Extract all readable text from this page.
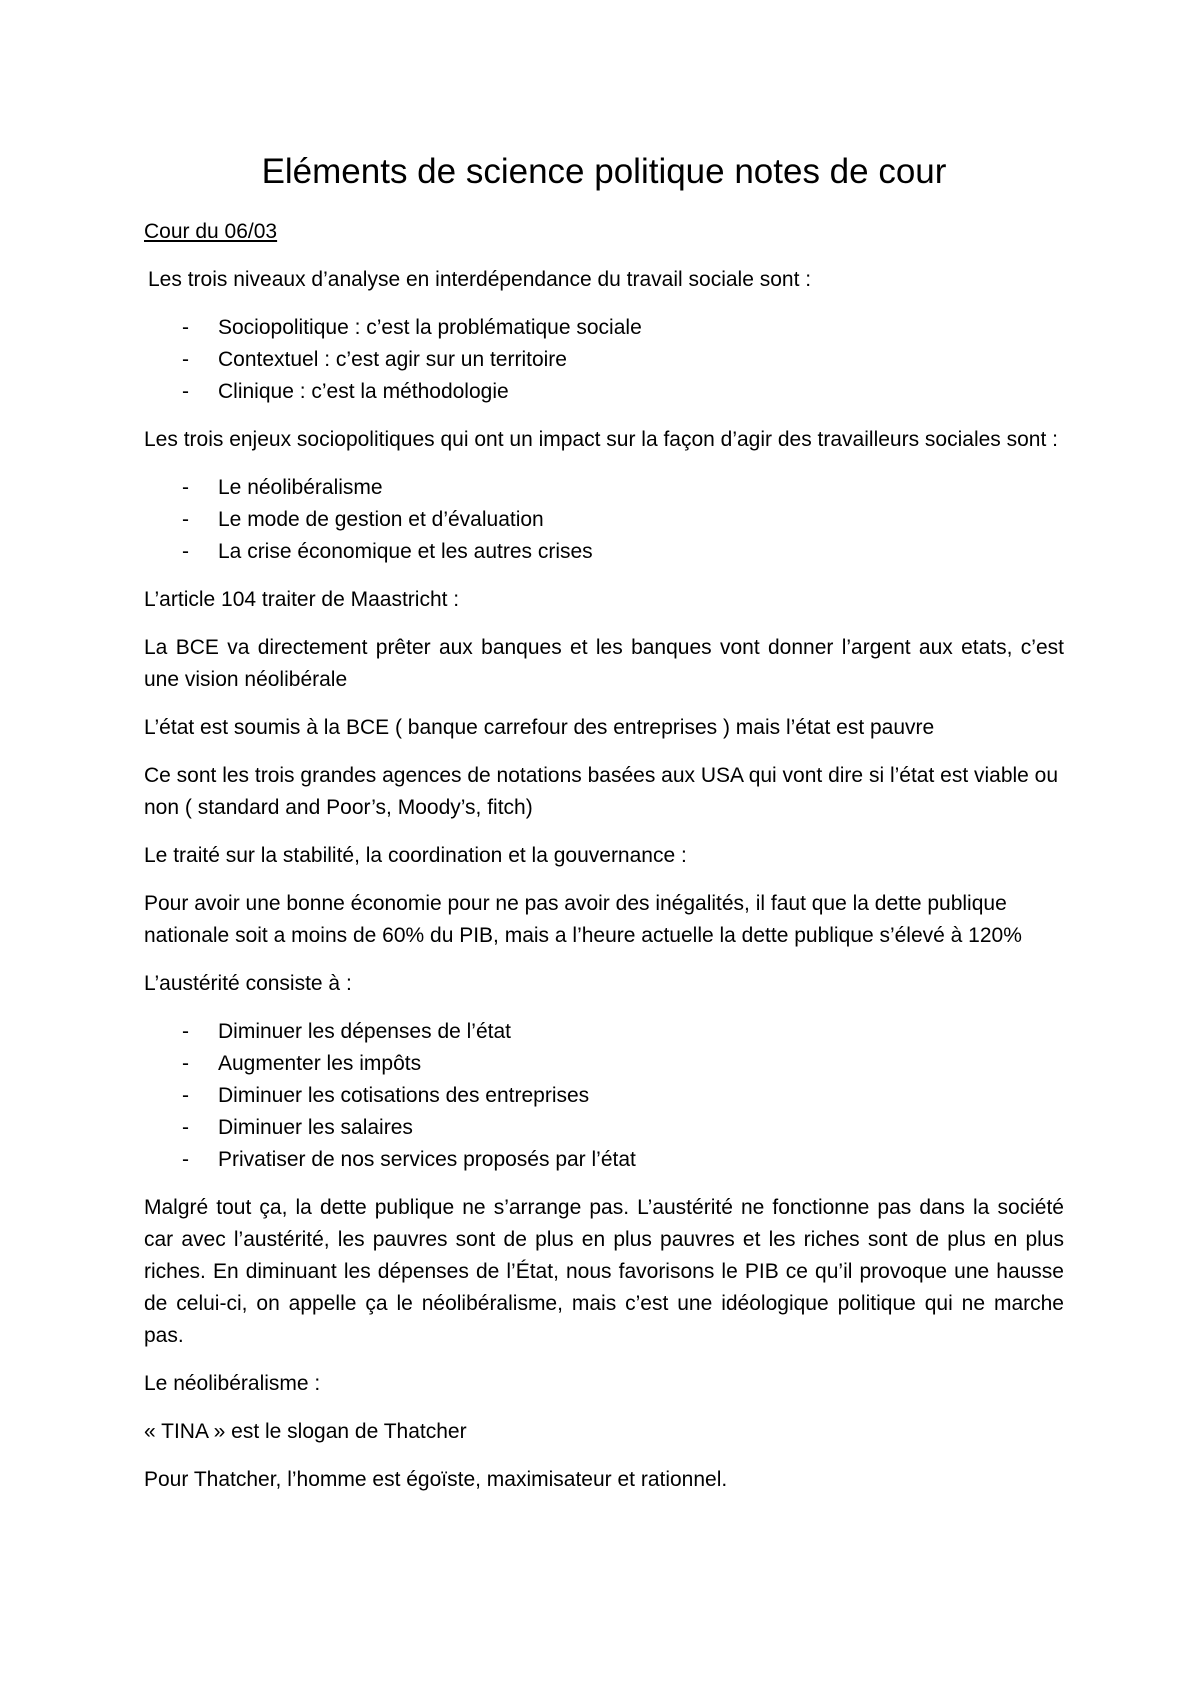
Eléments de science politique notes de cour

Cour du 06/03

Les trois niveaux d’analyse en interdépendance du travail sociale sont :

- Sociopolitique : c’est la problématique sociale
- Contextuel : c’est agir sur un territoire
- Clinique : c’est la méthodologie

Les trois enjeux sociopolitiques qui ont un impact sur la façon d’agir des travailleurs sociales sont :

- Le néolibéralisme
- Le mode de gestion et d’évaluation
- La crise économique et les autres crises

L’article 104 traiter de Maastricht :

La BCE va directement prêter aux banques et les banques vont donner l’argent aux etats, c’est une vision néolibérale

L’état est soumis à la BCE ( banque carrefour des entreprises ) mais l’état est pauvre

Ce sont les trois grandes agences de notations basées aux USA qui vont dire si l’état est viable ou non ( standard and Poor’s, Moody’s, fitch)

Le traité sur la stabilité, la coordination et la gouvernance :

Pour avoir une bonne économie pour ne pas avoir des inégalités, il faut que la dette publique nationale soit a moins de 60% du PIB, mais a l’heure actuelle la dette publique s’élevé à 120%

L’austérité consiste à :

- Diminuer les dépenses de l’état
- Augmenter les impôts
- Diminuer les cotisations des entreprises
- Diminuer les salaires
- Privatiser de nos services proposés par l’état

Malgré tout ça, la dette publique ne s’arrange pas. L’austérité ne fonctionne pas dans la société car avec l’austérité, les pauvres sont de plus en plus pauvres et les riches sont de plus en plus riches. En diminuant les dépenses de l’État, nous favorisons le PIB ce qu’il provoque une hausse de celui-ci, on appelle ça le néolibéralisme, mais c’est une idéologique politique qui ne marche pas.

Le néolibéralisme :

« TINA » est le slogan de Thatcher

Pour Thatcher, l’homme est égoïste, maximisateur et rationnel.
